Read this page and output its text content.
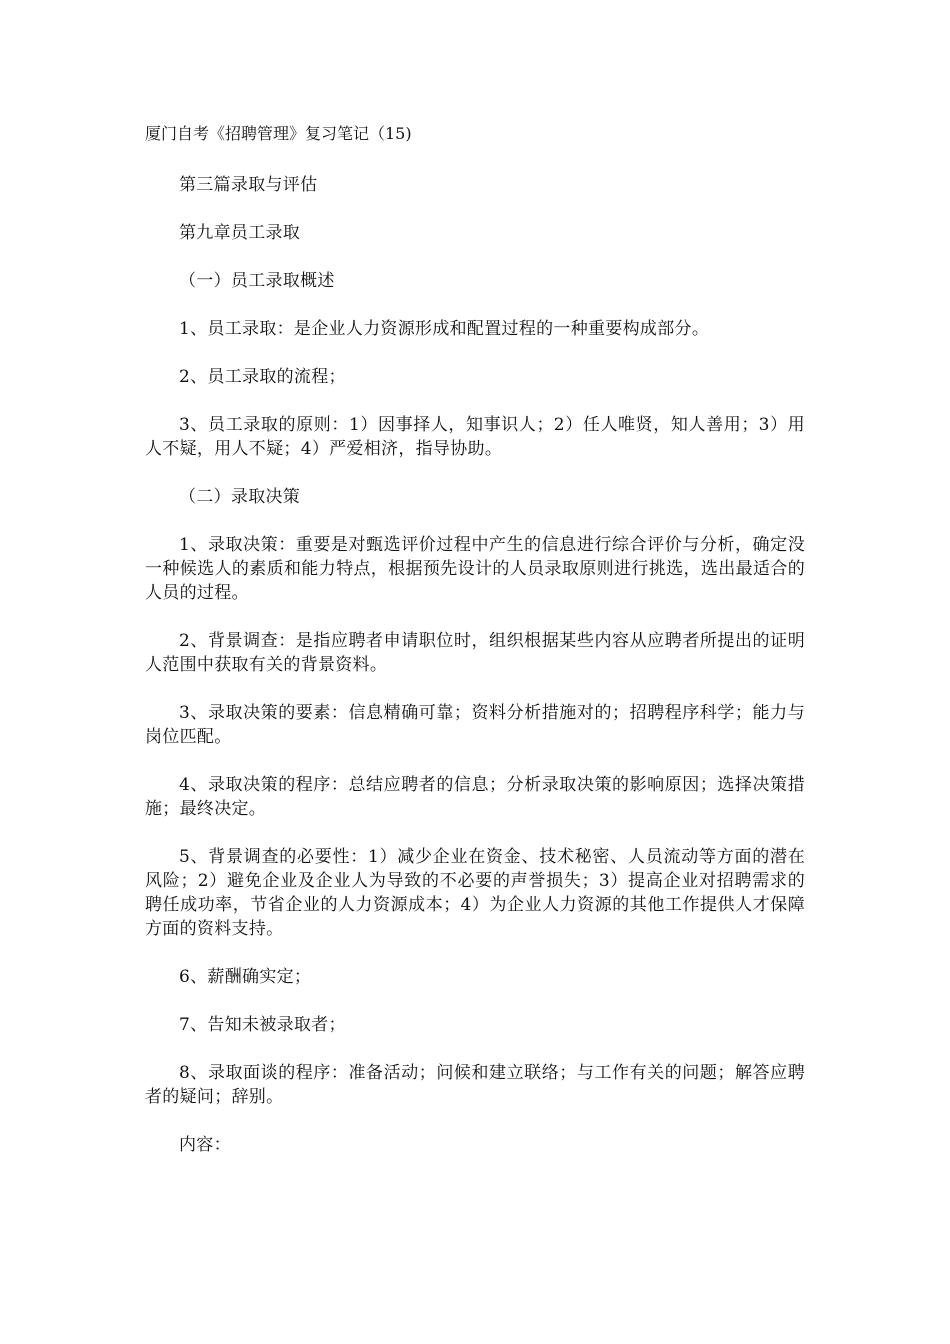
厦门自考《招聘管理》复习笔记（15)

第三篇录取与评估

第九章员工录取

（一）员工录取概述

1、员工录取：是企业人力资源形成和配置过程的一种重要构成部分。

2、员工录取的流程；

3、员工录取的原则：1）因事择人，知事识人；2）任人唯贤，知人善用；3）用人不疑，用人不疑；4）严爱相济，指导协助。

（二）录取决策

1、录取决策：重要是对甄选评价过程中产生的信息进行综合评价与分析，确定没一种候选人的素质和能力特点，根据预先设计的人员录取原则进行挑选，选出最适合的人员的过程。

2、背景调查：是指应聘者申请职位时，组织根据某些内容从应聘者所提出的证明人范围中获取有关的背景资料。

3、录取决策的要素：信息精确可靠；资料分析措施对的；招聘程序科学；能力与岗位匹配。

4、录取决策的程序：总结应聘者的信息；分析录取决策的影响原因；选择决策措施；最终决定。

5、背景调查的必要性：1）减少企业在资金、技术秘密、人员流动等方面的潜在风险；2）避免企业及企业人为导致的不必要的声誉损失；3）提高企业对招聘需求的聘任成功率，节省企业的人力资源成本；4）为企业人力资源的其他工作提供人才保障方面的资料支持。

6、薪酬确实定；

7、告知未被录取者；

8、录取面谈的程序：准备活动；问候和建立联络；与工作有关的问题；解答应聘者的疑问；辞别。

内容：
